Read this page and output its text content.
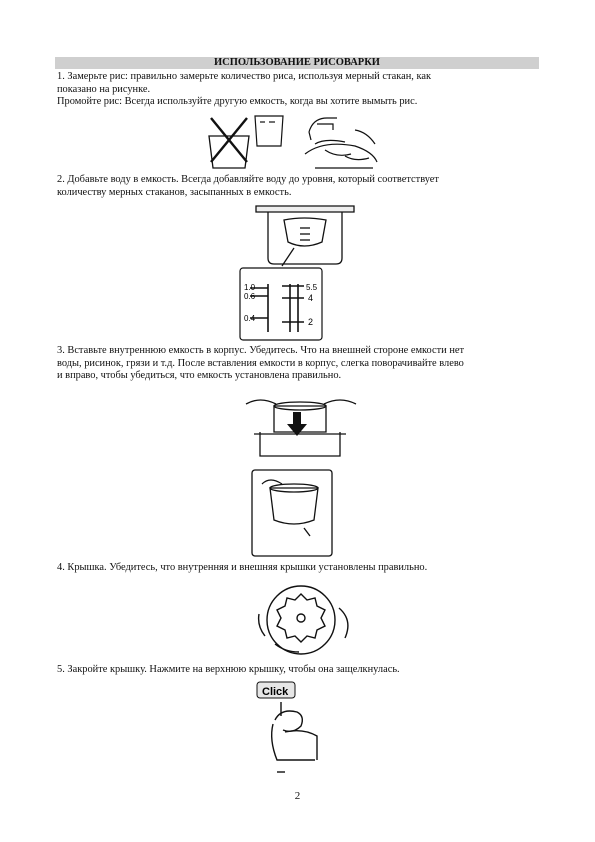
ИСПОЛЬЗОВАНИЕ РИСОВАРКИ
1. Замерьте рис: правильно замерьте количество риса, используя мерный стакан, как
показано на рисунке.
Промойте рис: Всегда используйте другую емкость, когда вы хотите вымыть рис.
2. Добавьте воду в емкость. Всегда добавляйте воду до уровня, который соответствует
количеству мерных стаканов, засыпанных в емкость.
1.0
0.6
0.4
5.5
4
2
3. Вставьте внутреннюю емкость в корпус. Убедитесь. Что на внешней стороне емкости нет
воды, рисинок, грязи и т.д. После вставления емкости в корпус, слегка поворачивайте влево
и вправо, чтобы убедиться, что емкость установлена правильно.
4. Крышка. Убедитесь, что внутренняя и внешняя крышки установлены правильно.
5. Закройте крышку. Нажмите на верхнюю крышку, чтобы она защелкнулась.
Click
2
